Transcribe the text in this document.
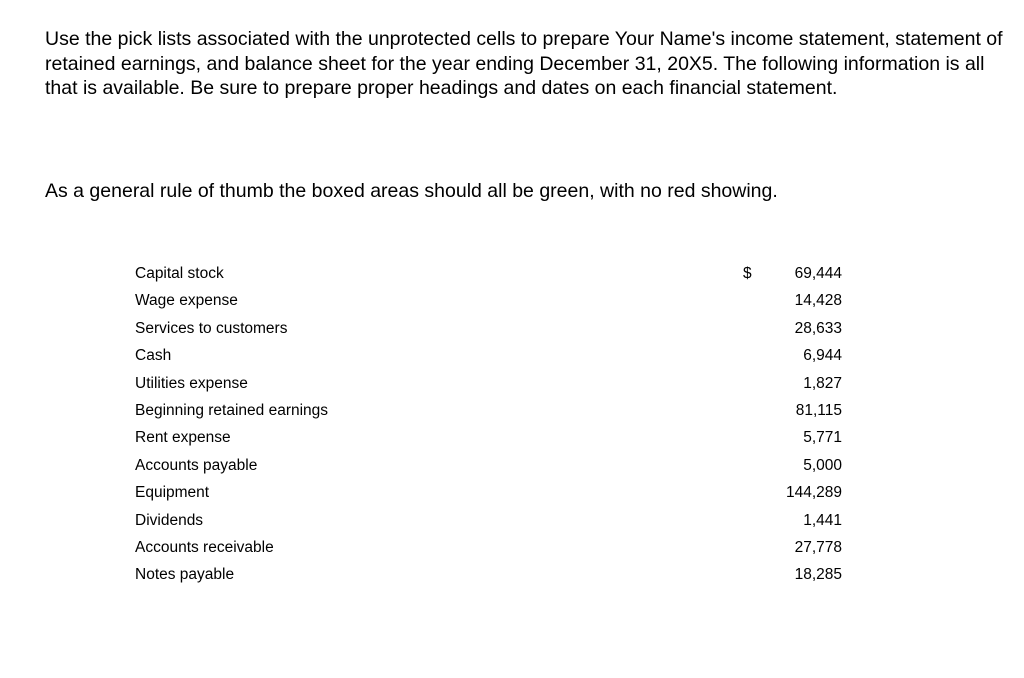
Use the pick lists associated with the unprotected cells to prepare Your Name's income statement, statement of retained earnings, and balance sheet for the year ending December 31, 20X5. The following information is all that is available. Be sure to prepare proper headings and dates on each financial statement.

As a general rule of thumb the boxed areas should all be green, with no red showing.

Capital stock	$	69,444
Wage expense	14,428
Services to customers	28,633
Cash	6,944
Utilities expense	1,827
Beginning retained earnings	81,115
Rent expense	5,771
Accounts payable	5,000
Equipment	144,289
Dividends	1,441
Accounts receivable	27,778
Notes payable	18,285
